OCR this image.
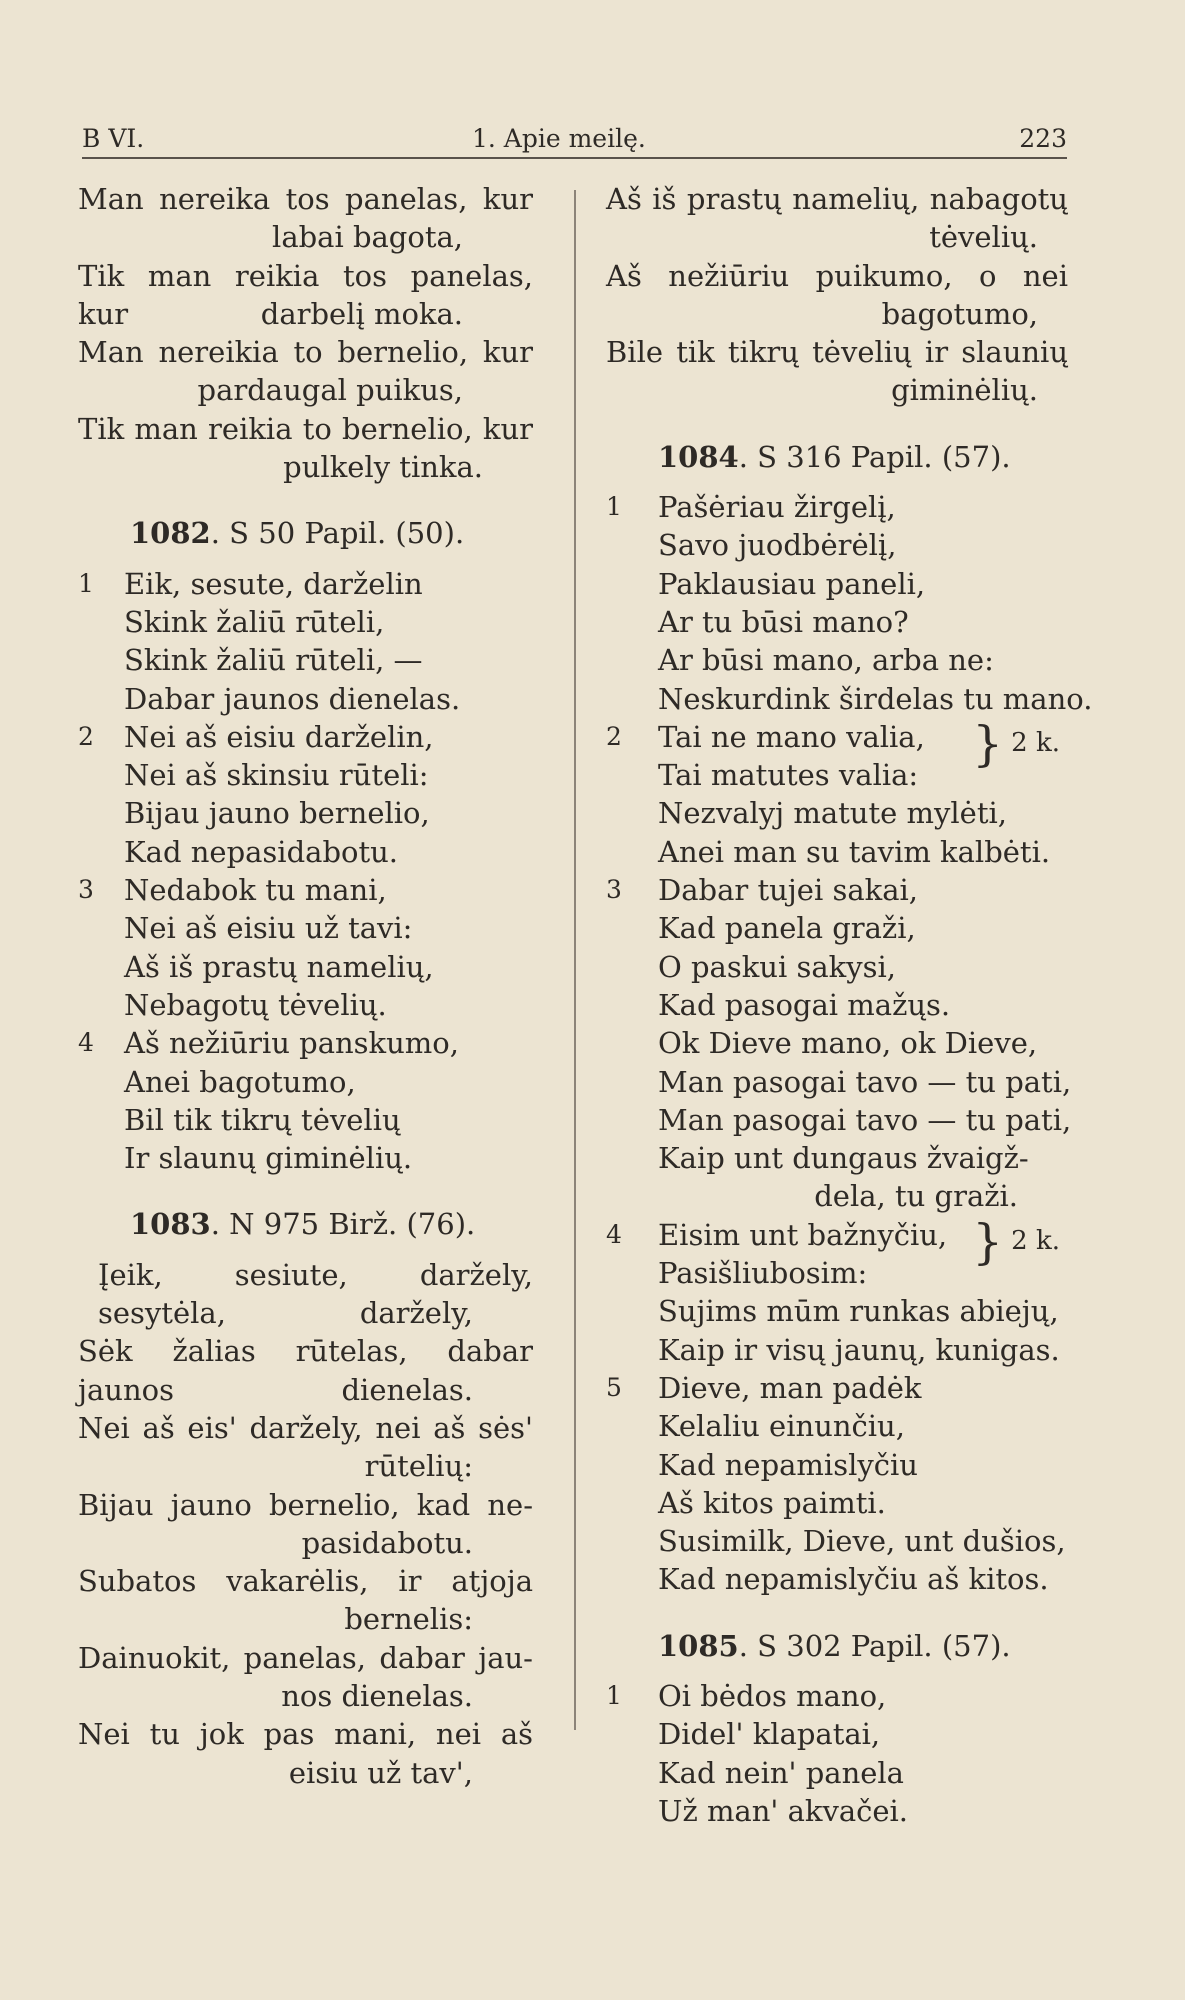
B VI.	1. Apie meilę.	223
Man nereika tos panelas, kur
labai bagota,
Tik man reikia tos panelas, kur	darbelį moka.
Man nereikia to bernelio, kur
pardaugal puikus,
Tik man reikia to bernelio, kur
pulkely tinka.
1082. S 50 Papil. (50).
1 Eik, sesute, darželin
Skink žaliū rūteli,
Skink žaliū rūteli, —
Dabar jaunos dienelas.
2 Nei aš eisiu darželin,
Nei aš skinsiu rūteli:
Bijau jauno bernelio,
Kad nepasidabotu.
3 Nedabok tu mani,
Nei aš eisiu už tavi:
Aš iš prastų namelių,
Nebagotų tėvelių.
4 Aš nežiūriu panskumo,
Anei bagotumo,
Bil tik tikrų tėvelių
Ir slaunų giminėlių.
1083. N 975 Birž. (76).
Įeik, sesiute, daržely, sesytėla,	daržely,
Sėk žalias rūtelas, dabar jaunos	dienelas.
Nei aš eis' daržely, nei aš sės'
rūtelių:
Bijau jauno bernelio, kad ne-
pasidabotu.
Subatos vakarėlis, ir atjoja
bernelis:
Dainuokit, panelas, dabar jau-
nos dienelas.
Nei tu jok pas mani, nei aš
eisiu už tav',
Aš iš prastų namelių, nabagotų
tėvelių.
Aš nežiūriu puikumo, o nei
bagotumo,
Bile tik tikrų tėvelių ir slaunių
giminėlių.
1084. S 316 Papil. (57).
1 Pašėriau žirgelį,
Savo juodbėrėlį,
Paklausiau paneli,
Ar tu būsi mano?
Ar būsi mano, arba ne:
Neskurdink širdelas tu mano.
2 Tai ne mano valia, } 2 k.
Tai matutes valia:
Nezvalyj matute mylėti,
Anei man su tavim kalbėti.
3 Dabar tujei sakai,
Kad panela graži,
O paskui sakysi,
Kad pasogai mažųs.
Ok Dieve mano, ok Dieve,
Man pasogai tavo — tu pati,
Man pasogai tavo — tu pati,
Kaip unt dungaus žvaigž-
dela, tu graži.
4 Eisim unt bažnyčiu, } 2 k.
Pasišliubosim:
Sujims mūm runkas abiejų,
Kaip ir visų jaunų, kunigas.
5 Dieve, man padėk
Kelaliu einunčiu,
Kad nepamislyčiu
Aš kitos paimti.
Susimilk, Dieve, unt dušios,
Kad nepamislyčiu aš kitos.
1085. S 302 Papil. (57).
1 Oi bėdos mano,
Didel' klapatai,
Kad nein' panela
Už man' akvačei.
